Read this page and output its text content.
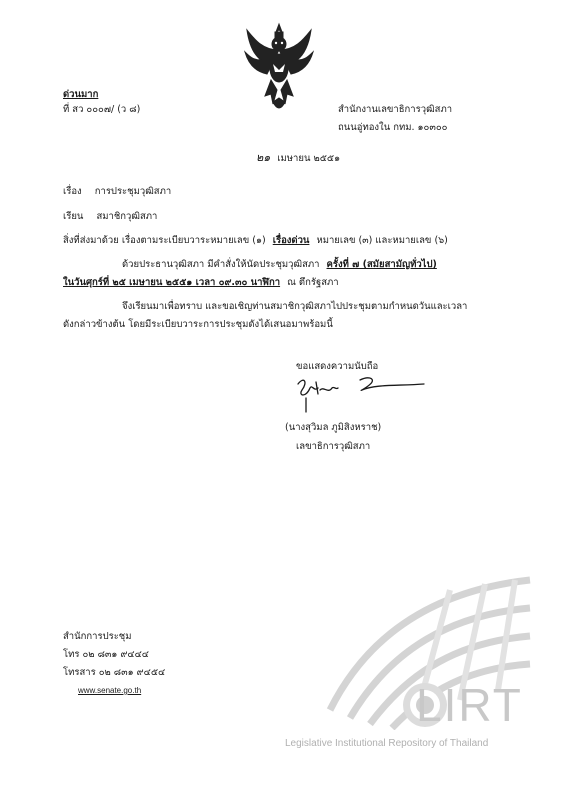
ด่วนมาก
ที่ สว ๐๐๐๗/ (ว ๘)	สำนักงานเลขาธิการวุฒิสภา
ถนนอู่ทองใน กทม. ๑๐๓๐๐
๒๑ เมษายน ๒๕๕๑
เรื่อง การประชุมวุฒิสภา
เรียน สมาชิกวุฒิสภา
สิ่งที่ส่งมาด้วย เรื่องตามระเบียบวาระหมายเลข (๑) เรื่องด่วน หมายเลข (๓) และหมายเลข (๖)
ด้วยประธานวุฒิสภา มีคำสั่งให้นัดประชุมวุฒิสภา ครั้งที่ ๗ (สมัยสามัญทั่วไป)
ในวันศุกร์ที่ ๒๕ เมษายน ๒๕๕๑ เวลา ๐๙.๓๐ นาฬิกา ณ ตึกรัฐสภา
จึงเรียนมาเพื่อทราบ และขอเชิญท่านสมาชิกวุฒิสภาไปประชุมตามกำหนดวันและเวลา
ดังกล่าวข้างต้น โดยมีระเบียบวาระการประชุมดังได้เสนอมาพร้อมนี้
ขอแสดงความนับถือ
(นางสุวิมล ภูมิสิงหราช)
เลขาธิการวุฒิสภา
LIRT
Legislative Institutional Repository of Thailand
สำนักการประชุม
โทร ๐๒ ๘๓๑ ๙๔๔๔
โทรสาร ๐๒ ๘๓๑ ๙๔๕๔
www.senate.go.th
